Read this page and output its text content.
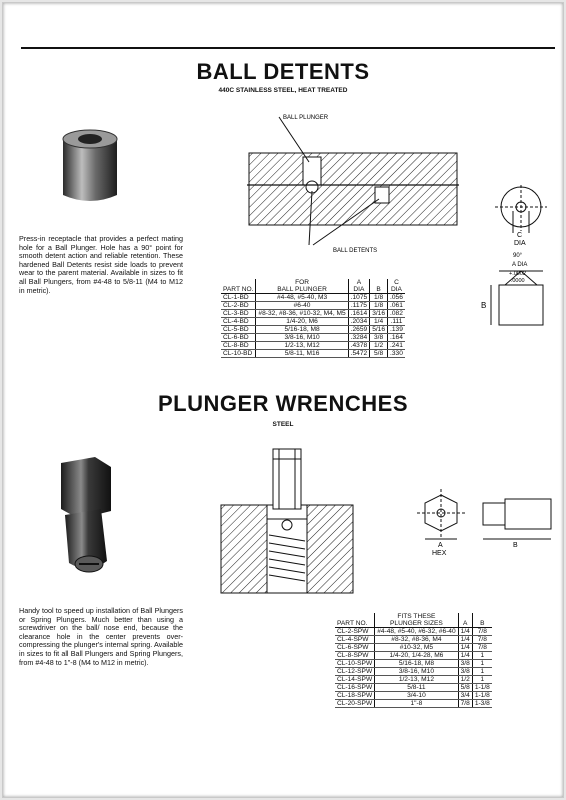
BALL DETENTS
440C STAINLESS STEEL, HEAT TREATED
Press-in receptacle that provides a perfect mating hole for a Ball Plunger. Hole has a 90° point for smooth detent action and reliable retention. These hardened Ball Detents resist side loads to prevent wear to the parent material. Available in sizes to fit all Ball Plungers, from #4-48 to 5/8-11 (M4 to M12 in metric).
BALL PLUNGER
BALL DETENTS
C
DIA
90°
A DIA
+.0002
-.0000
B
PART NO.	FOR
BALL PLUNGER	A
DIA	B	C
DIA
CL-1-BD	#4-48, #5-40, M3	.1075	1/8	.056
CL-2-BD	#6-40	.1175	1/8	.061
CL-3-BD	#8-32, #8-36, #10-32, M4, M5	.1614	3/16	.082
CL-4-BD	1/4-20, M6	.2034	1/4	.111
CL-5-BD	5/16-18, M8	.2659	5/16	.139
CL-6-BD	3/8-16, M10	.3284	3/8	.164
CL-8-BD	1/2-13, M12	.4378	1/2	.241
CL-10-BD	5/8-11, M16	.5472	5/8	.330
PLUNGER WRENCHES
STEEL
Handy tool to speed up installation of Ball Plungers or Spring Plungers. Much better than using a screwdriver on the ball/ nose end, because the clearance hole in the center prevents over-compressing the plunger's internal spring. Available in sizes to fit all Ball Plungers and Spring Plungers, from #4-48 to 1"-8 (M4 to M12 in metric).
A
HEX
B
PART NO.	FITS THESE
PLUNGER SIZES	A	B
CL-2-SPW	#4-48, #5-40, #6-32, #6-40	1/4	7/8
CL-4-SPW	#8-32, #8-36, M4	1/4	7/8
CL-6-SPW	#10-32, M5	1/4	7/8
CL-8-SPW	1/4-20, 1/4-28, M6	1/4	1
CL-10-SPW	5/16-18, M8	3/8	1
CL-12-SPW	3/8-16, M10	3/8	1
CL-14-SPW	1/2-13, M12	1/2	1
CL-16-SPW	5/8-11	5/8	1-1/8
CL-18-SPW	3/4-10	3/4	1-1/8
CL-20-SPW	1"-8	7/8	1-3/8
